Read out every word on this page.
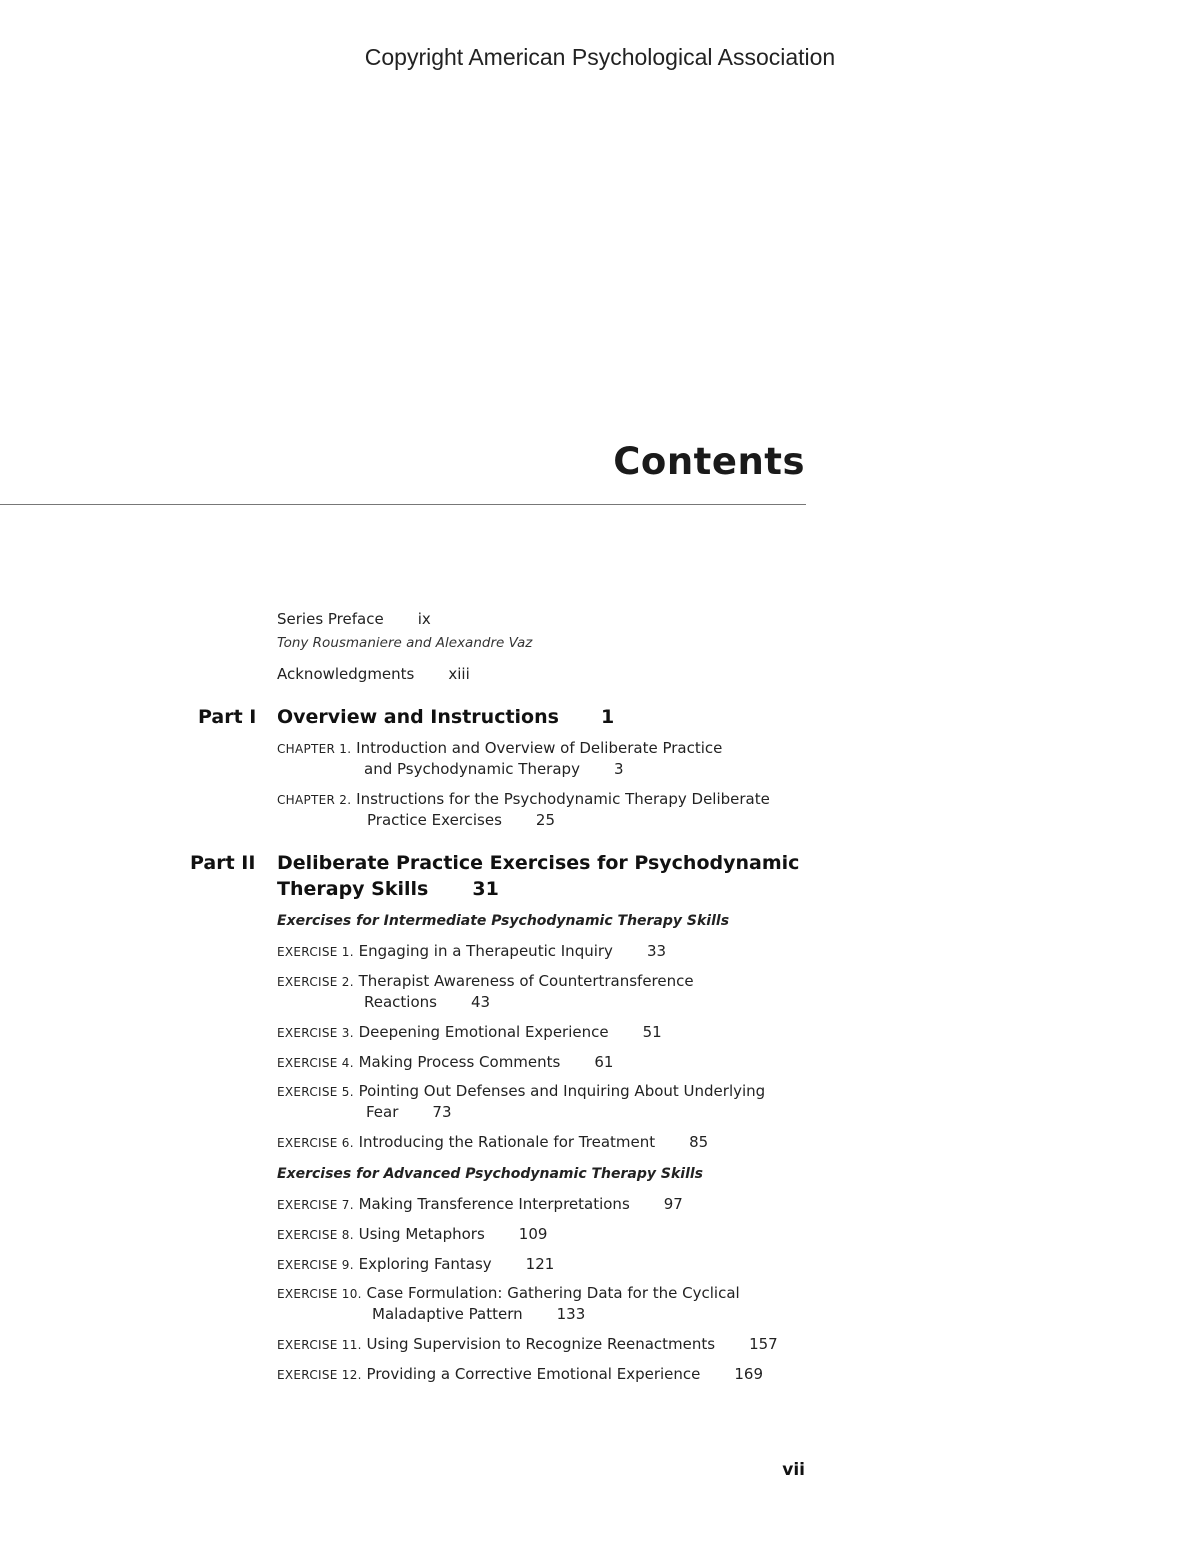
Copyright American Psychological Association
Contents
Series Preface ix
Tony Rousmaniere and Alexandre Vaz
Acknowledgments xiii
Part I Overview and Instructions 1
CHAPTER 1. Introduction and Overview of Deliberate Practice
and Psychodynamic Therapy 3
CHAPTER 2. Instructions for the Psychodynamic Therapy Deliberate
Practice Exercises 25
Part II Deliberate Practice Exercises for Psychodynamic
Therapy Skills 31
Exercises for Intermediate Psychodynamic Therapy Skills
EXERCISE 1. Engaging in a Therapeutic Inquiry 33
EXERCISE 2. Therapist Awareness of Countertransference
Reactions 43
EXERCISE 3. Deepening Emotional Experience 51
EXERCISE 4. Making Process Comments 61
EXERCISE 5. Pointing Out Defenses and Inquiring About Underlying
Fear 73
EXERCISE 6. Introducing the Rationale for Treatment 85
Exercises for Advanced Psychodynamic Therapy Skills
EXERCISE 7. Making Transference Interpretations 97
EXERCISE 8. Using Metaphors 109
EXERCISE 9. Exploring Fantasy 121
EXERCISE 10. Case Formulation: Gathering Data for the Cyclical
Maladaptive Pattern 133
EXERCISE 11. Using Supervision to Recognize Reenactments 157
EXERCISE 12. Providing a Corrective Emotional Experience 169
vii
